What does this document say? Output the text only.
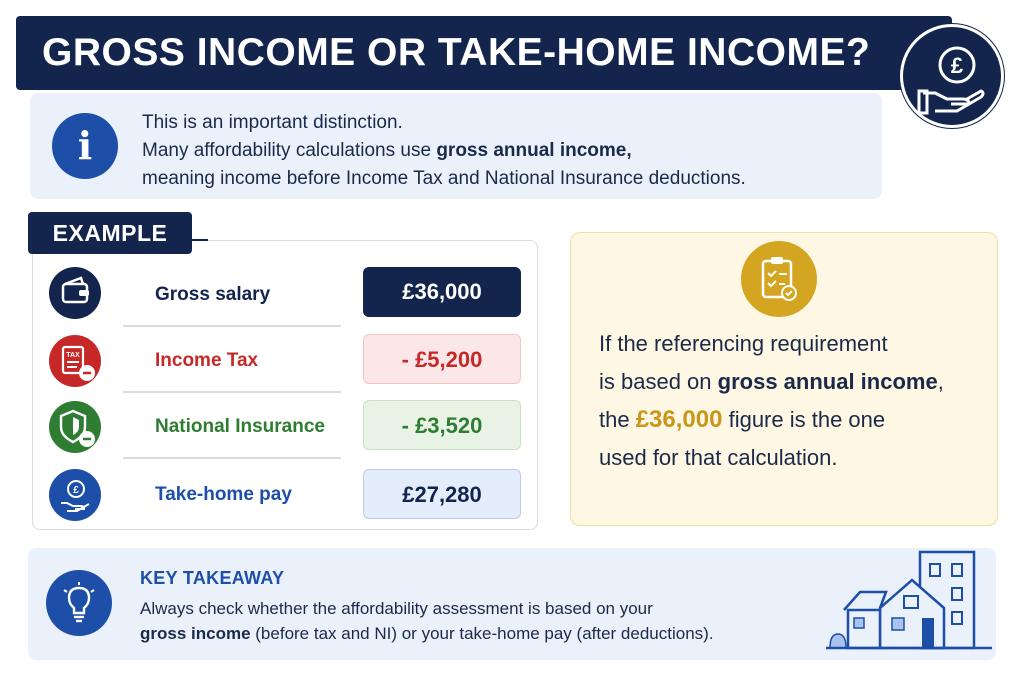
GROSS INCOME OR TAKE-HOME INCOME?	£
i
This is an important distinction.
Many affordability calculations use gross annual income,
meaning income before Income Tax and National Insurance deductions.
Gross salary	£36,000
TAX	Income Tax	- £5,200
National Insurance	- £3,520
£	Take-home pay	£27,280
EXAMPLE
If the referencing requirement
is based on gross annual income,
the £36,000 figure is the one
used for that calculation.
KEY TAKEAWAY
Always check whether the affordability assessment is based on your
gross income (before tax and NI) or your take-home pay (after deductions).
